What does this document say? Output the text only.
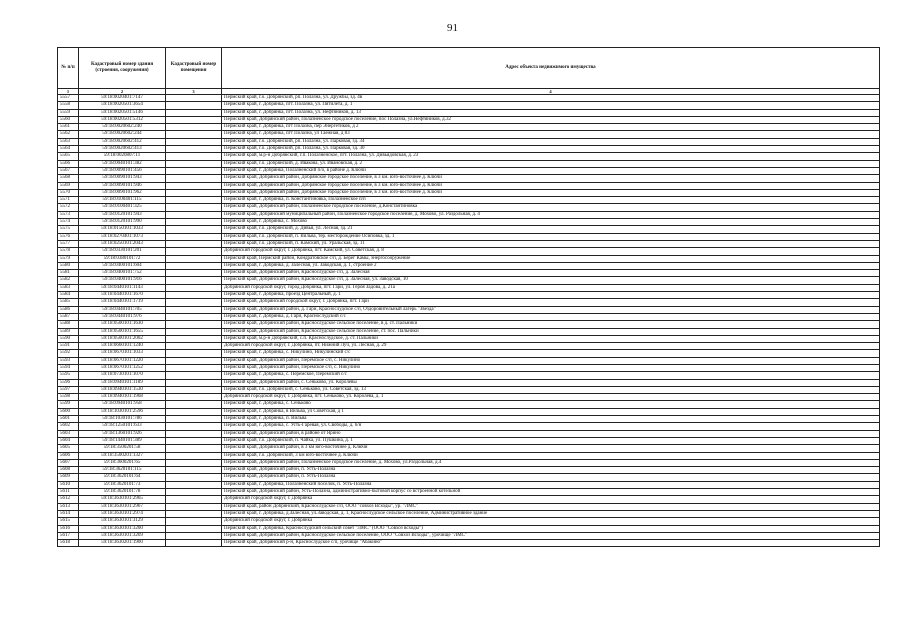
91
№ п/п	Кадастровый номер здания (строения, сооружения)	Кадастровый номер помещения	Адрес объекта недвижимого имущества
1	2	3	4
5557	59:18:0020401:7147		Пермский край, г.о. Добрянский, рп. Полазна, ул. Дружбы, зд. 4в
5558	59:18:0020501:3654		Пермский край, г. Добрянка, пгт. Полазна, ул. Пятилета, д. 1
5559	59:18:0020501:5146		Пермский край, г. Добрянка, пгт. Полазна, ул. Нефтяников, д. 13
5560	59:18:0020501:5312		Пермский край, Добрянский район, Полазненское городское поселение, пос Полазна, ул.Нефтяников, д.32
5561	59:18:0020602:240		Пермский край, г. Добрянка, пгт Полазна, пер Энергетиков, д 2
5562	59:18:0020602:244		Пермский край, г. Добрянка, пгт Полазна, ул Таежная, д 83
5563	59:18:0020602:412		Пермский край, г.о. Добрянский, рп. Полазна, ул. Парковая, зд. 34
5564	59:18:0020602:413		Пермский край, г.о. Добрянский, рп. Полазна, ул. Парковая, зд. 30
5565	59:18:0020807:11		Пермский край, м.р-н Добрянский, г.п. Полазненское, пгт. Полазна, ул. Дивьядовская, д. 23
5566	59:18:0040101:382		Пермский край, г.о. Добрянский, д. Ивакова, ул. Ивановская, д. 2
5567	59:18:0090101:456		Пермский край, г. Добрянка, Полазненский п/о, в районе д. Ключи
5568	59:18:0090101:943		Пермский край, Добрянский район, Добрянское городское поселение, в 3 км. юго-восточнее д. Ключи
5569	59:18:0090101:946		Пермский край, Добрянский район, Добрянское городское поселение, в 3 км. юго-восточнее д. Ключи
5570	59:18:0090101:962		Пермский край, Добрянский район, Добрянское городское поселение, в 3 км. юго-восточнее д. Ключи
5571	59:18:0100401:115		Пермский край, г. Добрянка, п. Константиновка, Полазненское п/п
5572	59:18:0100401:325		Пермский край, Добрянский район, Полазненское городское поселение, д.Константиновка
5573	59:18:0120101:943		Пермский край, Добрянский муниципальный район, Полазненское городское поселение, д. Мохово, ул. Раздольная, д. 4
5574	59:18:0120101:990		Пермский край, г. Добрянка, с. Мохово
5575	59:18:0150101:1033		Пермский край, г.о. Добрянский, д. Дивья, ул. Лесная, зд. 21
5576	59:18:0270401:1073		Пермский край, г.о. Добрянский, п. Вильва, тер. месторождение Осиповка, зд. 1
5577	59:18:0250101:2043		Пермский край, г.о. Добрянский, п. Камский, ул. Уральская, зд. 11
5578	59:18:0330101:201		Добрянский городской округ, г. Добрянка, пгт. Камский, ул. Советская, д. 8
5579	59:18:0380101:72		Пермский край, Пермский район, Кондратовское с/п, д. Берег Камы, энергосооружение
5580	59:18:0400101:604		Пермский край, г. Добрянка, д. Залесная, ул. Заводская, д. 1, строение 2
5581	59:18:0400101:752		Пермский край, Добрянский район, Краснослудское с/п, д. Залесная
5582	59:18:0400101:916		Пермский край, Добрянский район, Краснослудское с/п, д. Залесная, ул. Заводская, 10
5583	59:18:0440101:1143		Добрянский городской округ, город Добрянка, пгт. Гари, ул. Героя Задова, д. 21а
5584	59:18:0440101:1670		Пермский край, г. Добрянка, проезд Центральный, д. 1
5585	59:18:0440101:1719		Пермский край, Добрянский городской округ, г. Добрянка, пгт. Гари
5586	59:18:0440101:705		Пермский край, Добрянский район, д. Гари, Краснослудское с/п, Оздоровительный лагерь "Звезда"
5587	59:18:0440101:976		Пермский край, г. Добрянка, д. Гари, Краснослудский с/с
5588	59:18:0500101:1630		Пермский край, Добрянский район, Краснослудское сельское поселение, в д. ст. Пальники
5589	59:18:0500101:1655		Пермский край, Добрянский район, Краснослудское сельское поселение, ст. пос. Пальники
5590	59:18:0500101:2002		Пермский край, м.р-н Добрянский, с.п. Краснослудское, д. ст. Пальники
5591	59:18:0660101:1240		Добрянский городской округ, г. Добрянка, пт. Нижний Луч, ул. Лесная, д. 29
5592	59:18:0670101:1033		Пермский край, г. Добрянка, с. Никулино, Никулинский с/с
5593	59:18:0670101:1220		Пермский край, Добрянский район, Перемское с/п, с. Никулино
5594	59:18:0670101:1252		Пермский край, Добрянский район, Перемское с/п, с. Никулино
5595	59:18:0730101:1070		Пермский край, г. Добрянка, с. Перемское, Перемский с/с
5596	59:18:0940101:1189		Пермский край, Добрянский район, с. Сеньково, ул. Королевы
5597	59:18:0940101:1530		Пермский край, г.о. Добрянский, с. Сеньково, ул. Советская, зд. 13
5598	59:18:0940101:1968		Добрянский городской округ, г. Добрянка, пгт. Сеньково, ул. Королева, д. 1
5599	59:18:0940101:958		Пермский край, г. Добрянка, с. Сеньково
5600	59:18:1030101:2596		Пермский край, г. Добрянка, в Вильва, ул Советская, д 1
5601	59:18:1030101:786		Пермский край, г. Добрянка, п. Вильва
5602	59:18:1250101:633		Пермский край, г. Добрянка, с. Усть-Гаревая, ул. Свободы, д. 6/н
5603	59:18:1360101:926		Пермский край, Добрянский район, в районе от Ярино
5604	59:18:1440101:389		Пермский край, г.о. Добрянский, п. Чайка, ул. Пушкина, д. 1
5605	59:18:3500201:58		Пермский край, Добрянский район, в 3 км юго-восточнее д. Ключи
5606	59:18:3500201:1327		Пермский край, г.о. Добрянский, 3 км юго-восточнее д. Ключи
5607	59:18:3600201:65		Пермский край, Добрянский район, Полазненское городское поселение, д. Мохово, ул.Раздольная, д.4
5608	59:18:3620101:115		Пермский край, Добрянский район, п. Усть-Полазна
5609	59:18:3620101:64		Пермский край, Добрянский район, п. Усть-Полазна
5610	59:18:3620101:73		Пермский край, г. Добрянка, Полазненский поселок, п. Усть-Полазна
5611	59:18:3620101:78		Пермский край, Добрянский район, Усть-Полазна, административно-бытовой корпус со встроенной котельной
5612	59:18:3630101:2965		Добрянский городской округ, г. Добрянка
5613	59:18:3630101:2967		Пермский край, район Добрянский, Краснослудское с/п, ООО "совхоз Всходы", ур. "ЛМС"
5614	59:18:3630101:2974		Пермский край, г. Добрянка, д.Залесная, ул.Заводская, д. 1, Краснослудское сельское поселение, Административное здание
5615	59:18:3630101:3129		Добрянский городской округ, г. Добрянка
5616	59:18:3630101:3200		Пермский край, г. Добрянка, Краснослудский сельский совет "ЛМС" (ООО "Совхоз всходы")
5617	59:18:3630101:3269		Пермский край, Добрянский район, Краснослудское сельское поселение, ООО "Совхоз Всходы", урочище "ЛМС"
5618	59:18:3630201:1900		Пермский край, Добрянский р-н, Краснослудское с/п, урочище "Абакино"
